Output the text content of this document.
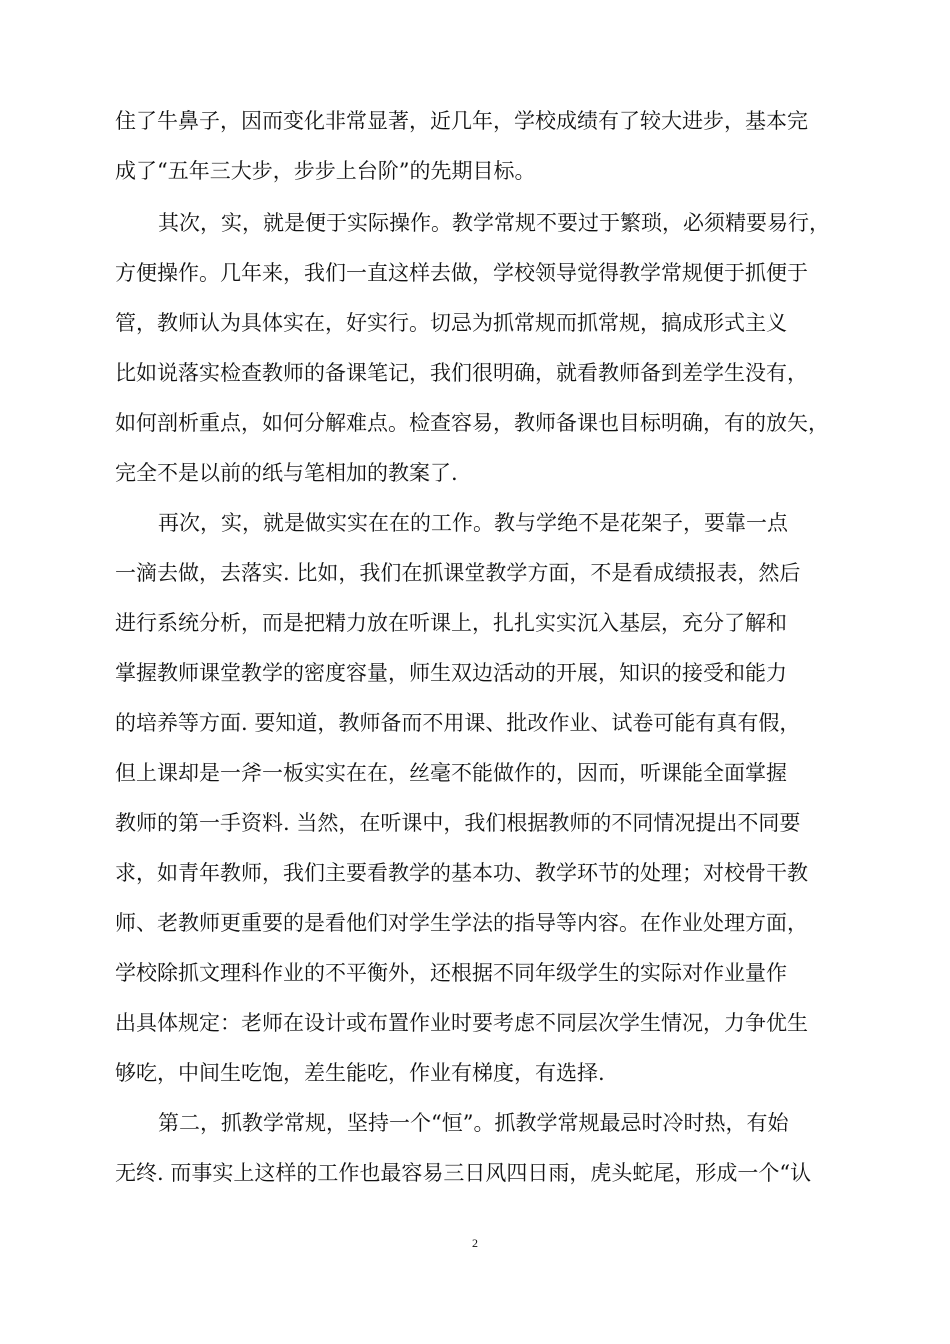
住了牛鼻子，因而变化非常显著，近几年，学校成绩有了较大进步，基本完
成了“五年三大步，步步上台阶”的先期目标。
其次，实，就是便于实际操作。教学常规不要过于繁琐，必须精要易行，
方便操作。几年来，我们一直这样去做，学校领导觉得教学常规便于抓便于
管，教师认为具体实在，好实行。切忌为抓常规而抓常规，搞成形式主义
比如说落实检查教师的备课笔记，我们很明确，就看教师备到差学生没有，
如何剖析重点，如何分解难点。检查容易，教师备课也目标明确，有的放矢，
完全不是以前的纸与笔相加的教案了.
再次，实，就是做实实在在的工作。教与学绝不是花架子，要靠一点
一滴去做，去落实. 比如，我们在抓课堂教学方面，不是看成绩报表，然后
进行系统分析，而是把精力放在听课上，扎扎实实沉入基层，充分了解和
掌握教师课堂教学的密度容量，师生双边活动的开展，知识的接受和能力
的培养等方面. 要知道，教师备而不用课、批改作业、试卷可能有真有假，
但上课却是一斧一板实实在在，丝毫不能做作的，因而，听课能全面掌握
教师的第一手资料. 当然，在听课中，我们根据教师的不同情况提出不同要
求，如青年教师，我们主要看教学的基本功、教学环节的处理；对校骨干教
师、老教师更重要的是看他们对学生学法的指导等内容。在作业处理方面，
学校除抓文理科作业的不平衡外，还根据不同年级学生的实际对作业量作
出具体规定：老师在设计或布置作业时要考虑不同层次学生情况，力争优生
够吃，中间生吃饱，差生能吃，作业有梯度，有选择.
第二，抓教学常规，坚持一个“恒”。抓教学常规最忌时冷时热，有始
无终. 而事实上这样的工作也最容易三日风四日雨，虎头蛇尾，形成一个“认
2
